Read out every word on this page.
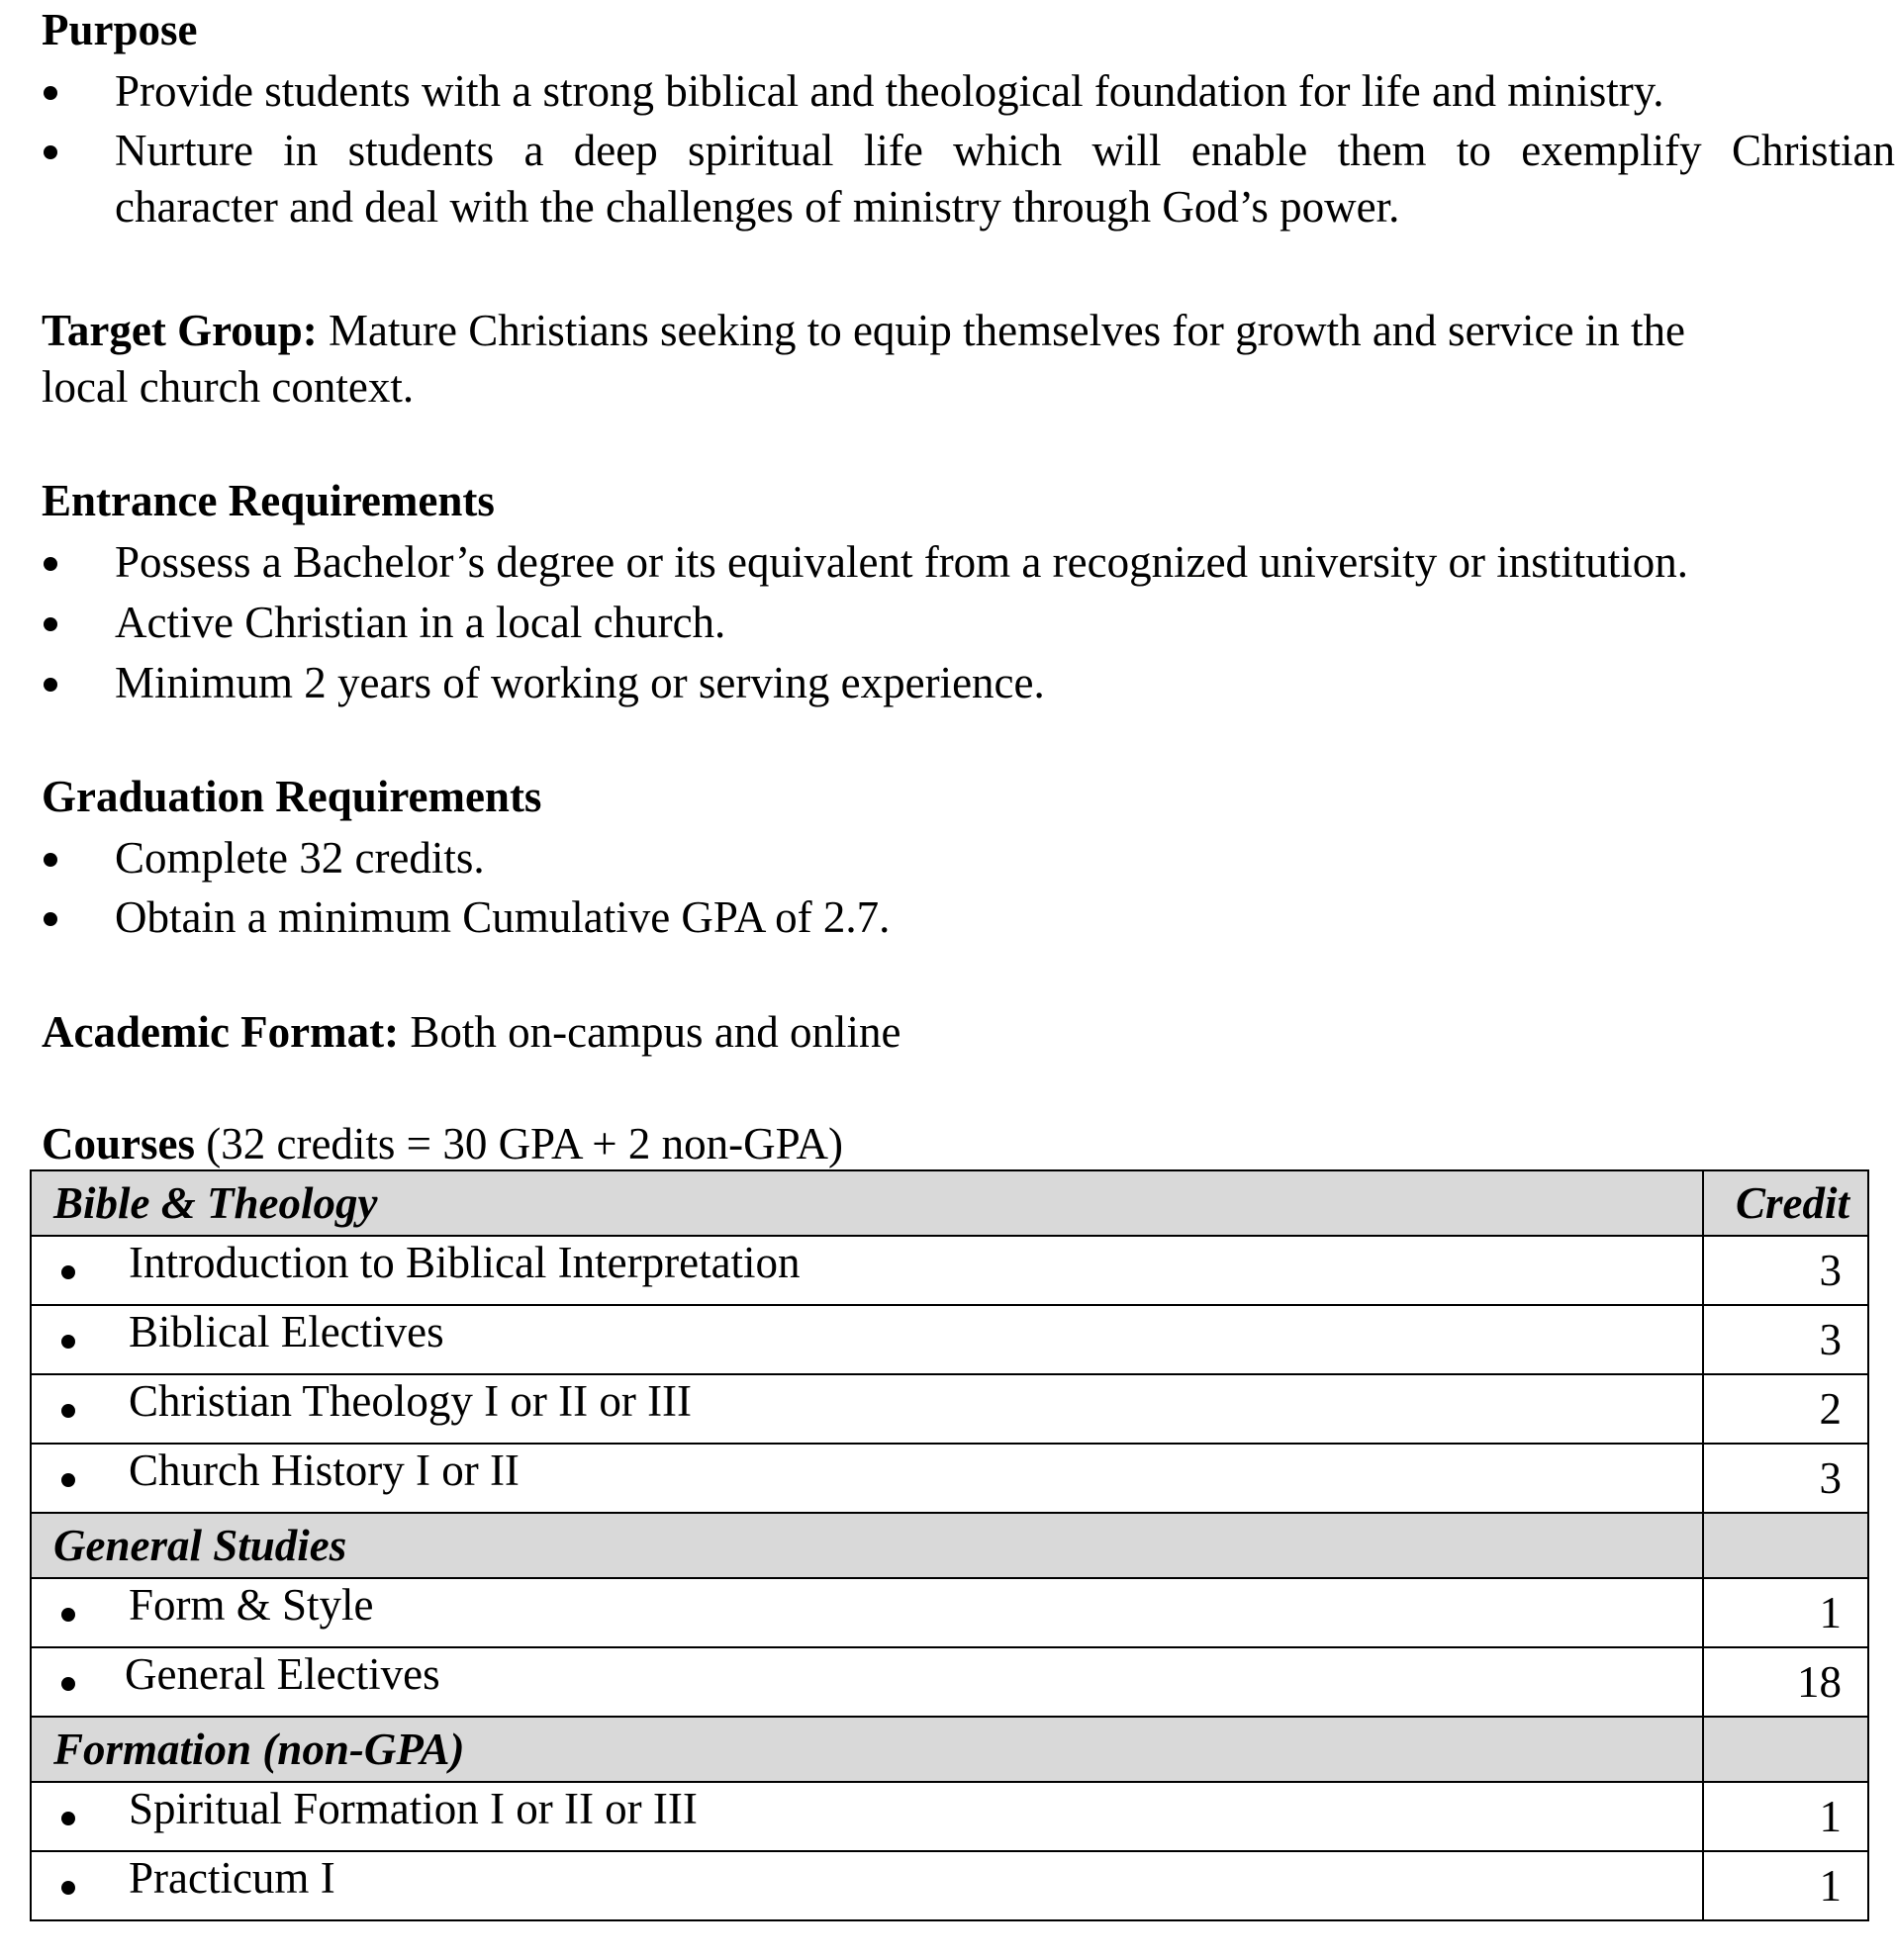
Purpose
Provide students with a strong biblical and theological foundation for life and ministry.
Nurture in students a deep spiritual life which will enable them to exemplify Christian
character and deal with the challenges of ministry through God’s power.
Target Group: Mature Christians seeking to equip themselves for growth and service in the
local church context.
Entrance Requirements
Possess a Bachelor’s degree or its equivalent from a recognized university or institution.
Active Christian in a local church.
Minimum 2 years of working or serving experience.
Graduation Requirements
Complete 32 credits.
Obtain a minimum Cumulative GPA of 2.7.
Academic Format: Both on-campus and online
Courses (32 credits = 30 GPA + 2 non-GPA)
Bible & Theology	Credit

Introduction to Biblical Interpretation	3

Biblical Electives	3

Christian Theology I or II or III	2

Church History I or II	3

General Studies	

Form & Style	1

General Electives	18

Formation (non-GPA)	

Spiritual Formation I or II or III	1

Practicum I	1
